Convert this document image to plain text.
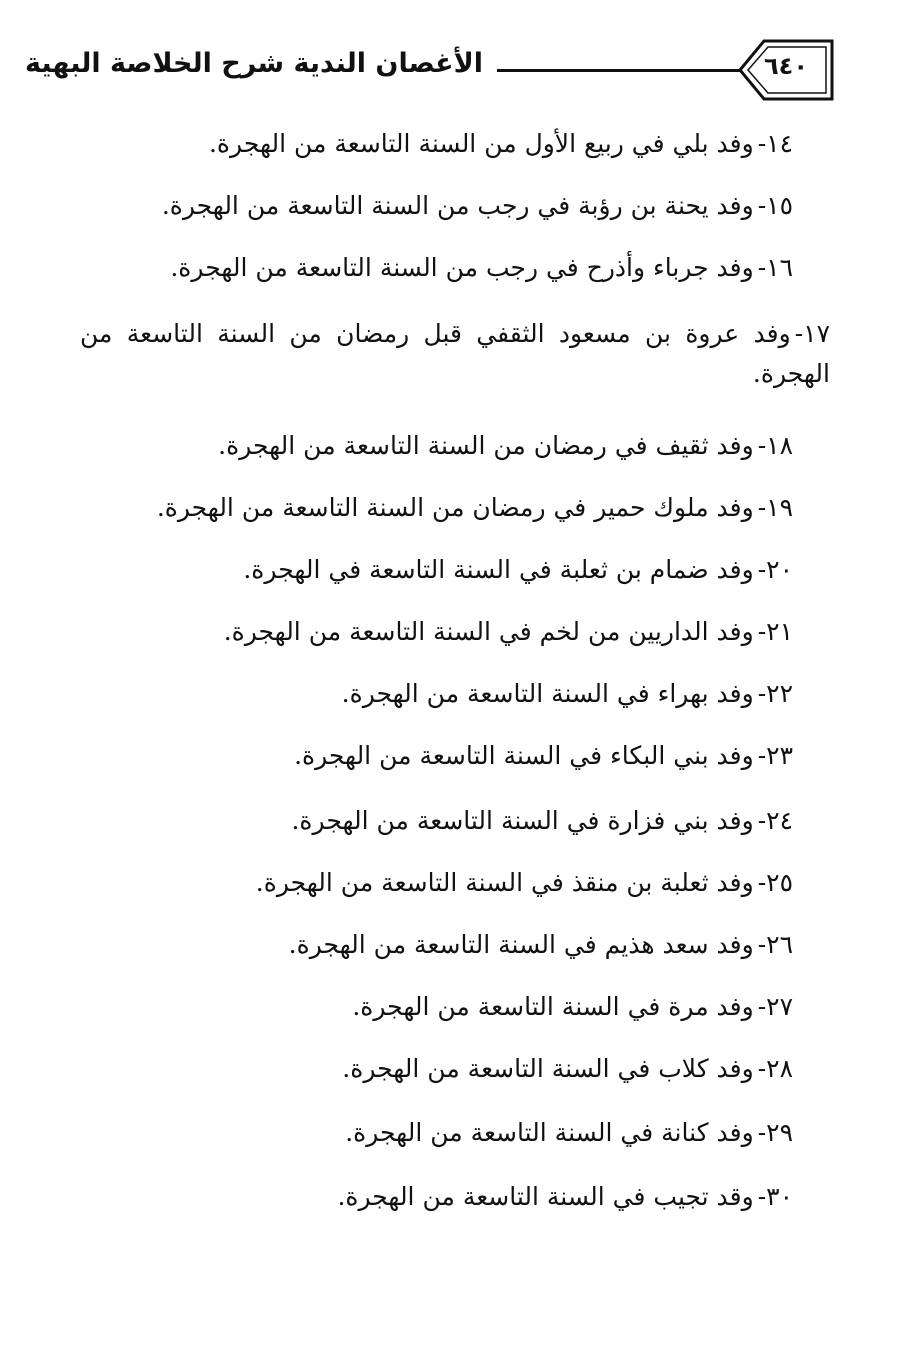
الأغصان الندية شرح الخلاصة البهية	٦٤٠
١٤-وفد بلي في ربيع الأول من السنة التاسعة من الهجرة.
١٥-وفد يحنة بن رؤبة في رجب من السنة التاسعة من الهجرة.
١٦-وفد جرباء وأذرح في رجب من السنة التاسعة من الهجرة.
١٧-وفد عروة بن مسعود الثقفي قبل رمضان من السنة التاسعة من الهجرة.
١٨-وفد ثقيف في رمضان من السنة التاسعة من الهجرة.
١٩-وفد ملوك حمير في رمضان من السنة التاسعة من الهجرة.
٢٠-وفد ضمام بن ثعلبة في السنة التاسعة في الهجرة.
٢١-وفد الداريين من لخم في السنة التاسعة من الهجرة.
٢٢-وفد بهراء في السنة التاسعة من الهجرة.
٢٣-وفد بني البكاء في السنة التاسعة من الهجرة.
٢٤-وفد بني فزارة في السنة التاسعة من الهجرة.
٢٥-وفد ثعلبة بن منقذ في السنة التاسعة من الهجرة.
٢٦-وفد سعد هذيم في السنة التاسعة من الهجرة.
٢٧-وفد مرة في السنة التاسعة من الهجرة.
٢٨-وفد كلاب في السنة التاسعة من الهجرة.
٢٩-وفد كنانة في السنة التاسعة من الهجرة.
٣٠-وقد تجيب في السنة التاسعة من الهجرة.
